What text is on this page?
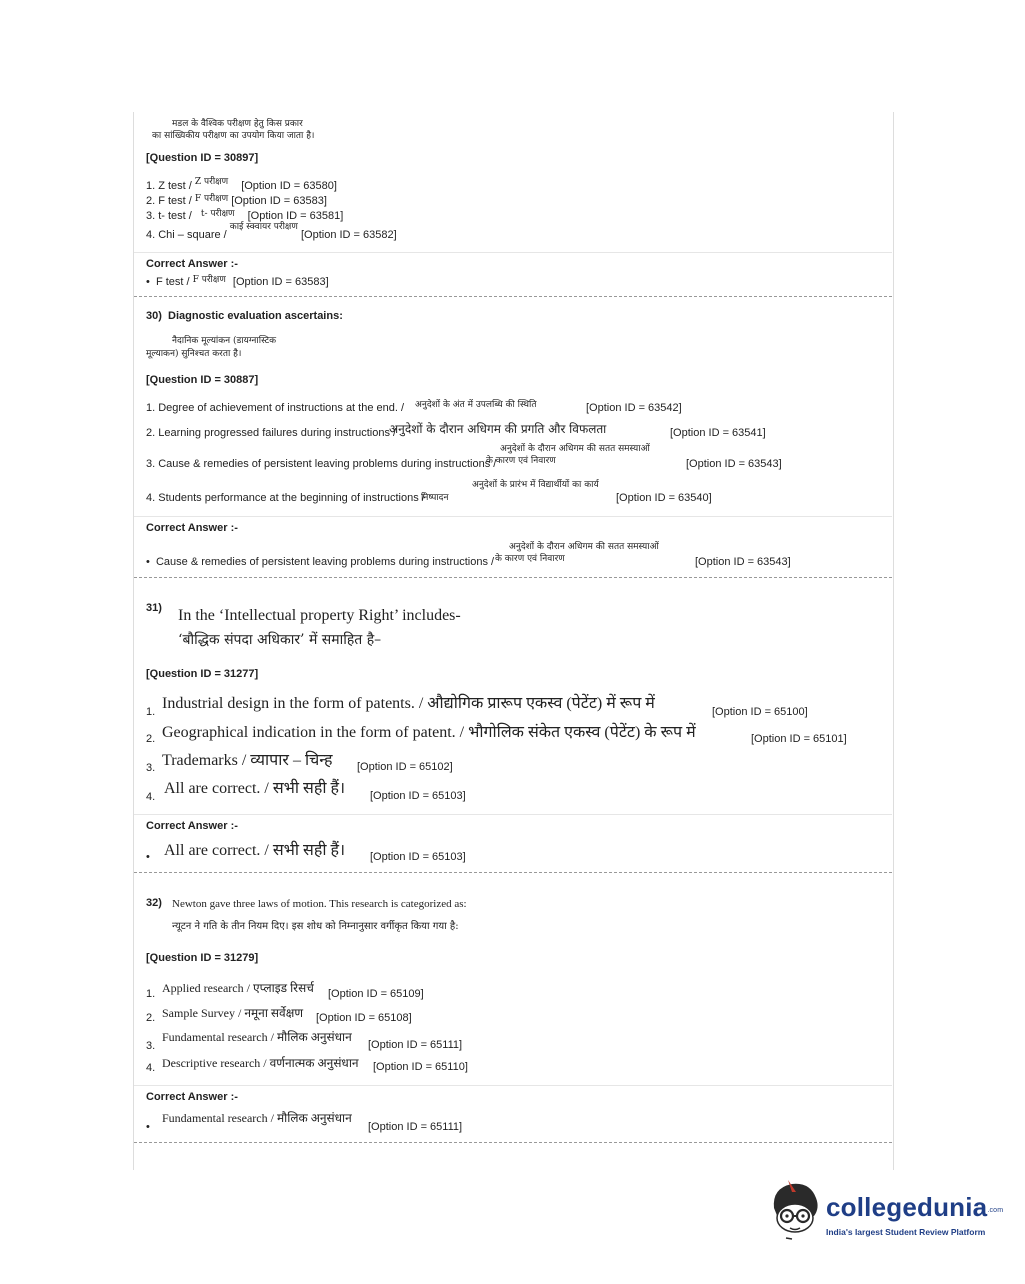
मडल के वैश्विक परीक्षण हेतु किस प्रकार
का सांख्यिकीय परीक्षण का उपयोग किया जाता है।
[Question ID = 30897]
1. Z test / $^{Z परीक्षण}$ [Option ID = 63580]
2. F test / $^{F परीक्षण}$ [Option ID = 63583]
3. t- test / $^{t- परीक्षण}$ [Option ID = 63581]
4. Chi – square / $^{काई स्क्वायर परीक्षण}$ [Option ID = 63582]
Correct Answer :-
•  F test / $^{F परीक्षण}$ [Option ID = 63583]
30) Diagnostic evaluation ascertains:
नैदानिक मूल्यांकन (डायग्नास्टिक
मूल्याकन) सुनिश्चत करता है।
[Question ID = 30887]
1. Degree of achievement of instructions at the end. / अनुदेशों के अंत में उपलब्धि की स्थिति	[Option ID = 63542]
2. Learning progressed failures during instructions /
अनुदेशों के दौरान अधिगम की प्रगति और विफलता	[Option ID = 63541]
अनुदेशों के दौरान अधिगम की सतत समस्याओं
3. Cause & remedies of persistent leaving problems during instructions /
के कारण एवं निवारण	[Option ID = 63543]
अनुदेशों के प्रारंभ में विद्यार्थीयों का कार्य
4. Students performance at the beginning of instructions /
निष्पादन	[Option ID = 63540]
Correct Answer :-
अनुदेशों के दौरान अधिगम की सतत समस्याओं
•  Cause & remedies of persistent leaving problems during instructions / के कारण एवं निवारण	[Option ID = 63543]
31) In the ‘Intellectual property Right’ includes-
‘बौद्धिक संपदा अधिकार’ में समाहित है–
[Question ID = 31277]
1. Industrial design in the form of patents. / औद्योगिक प्रारूप एकस्व (पेटेंट) में रूप में	[Option ID = 65100]
2. Geographical indication in the form of patent. / भौगोलिक संकेत एकस्व (पेटेंट) के रूप में	[Option ID = 65101]
3. Trademarks / व्यापार – चिन्ह [Option ID = 65102]
4. All are correct. / सभी सही हैं। [Option ID = 65103]
Correct Answer :-
• All are correct. / सभी सही हैं। [Option ID = 65103]
32) Newton gave three laws of motion. This research is categorized as:
न्यूटन ने गति के तीन नियम दिए। इस शोध को निम्नानुसार वर्गीकृत किया गया है:
[Question ID = 31279]
1. Applied research / एप्लाइड रिसर्च [Option ID = 65109]
2. Sample Survey / नमूना सर्वेक्षण [Option ID = 65108]
3.
Fundamental research / मौलिक अनुसंधान
[Option ID = 65111]
4. Descriptive research / वर्णनात्मक अनुसंधान [Option ID = 65110]
Correct Answer :-
•
Fundamental research / मौलिक अनुसंधान
[Option ID = 65111]
collegedunia.com
India's largest Student Review Platform
